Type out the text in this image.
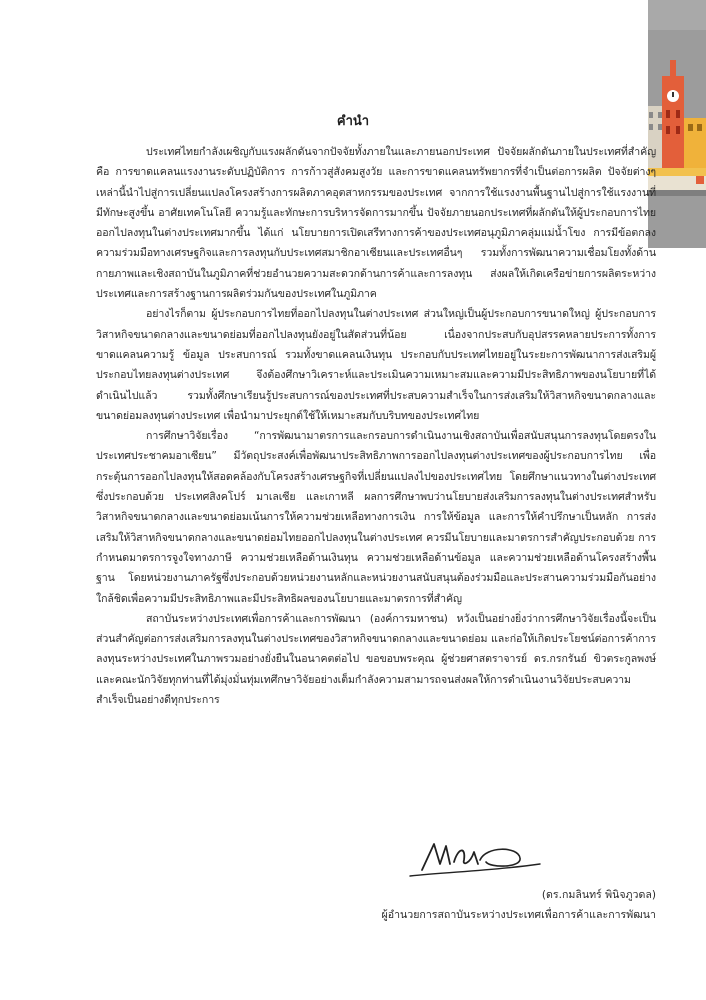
คำนำ

ประเทศไทยกำลังเผชิญกับแรงผลักดันจากปัจจัยทั้งภายในและภายนอกประเทศ ปัจจัยผลักดันภายในประเทศที่สำคัญ คือ การขาดแคลนแรงงานระดับปฏิบัติการ การก้าวสู่สังคมสูงวัย และการขาดแคลนทรัพยากรที่จำเป็นต่อการผลิต ปัจจัยต่างๆ เหล่านี้นำไปสู่การเปลี่ยนแปลงโครงสร้างการผลิตภาคอุตสาหกรรมของประเทศ จากการใช้แรงงานพื้นฐานไปสู่การใช้แรงงานที่มีทักษะสูงขึ้น อาศัยเทคโนโลยี ความรู้และทักษะการบริหารจัดการมากขึ้น ปัจจัยภายนอกประเทศที่ผลักดันให้ผู้ประกอบการไทยออกไปลงทุนในต่างประเทศมากขึ้น ได้แก่ นโยบายการเปิดเสรีทางการค้าของประเทศอนุภูมิภาคลุ่มแม่น้ำโขง การมีข้อตกลงความร่วมมือทางเศรษฐกิจและการลงทุนกับประเทศสมาชิกอาเซียนและประเทศอื่นๆ รวมทั้งการพัฒนาความเชื่อมโยงทั้งด้านกายภาพและเชิงสถาบันในภูมิภาคที่ช่วยอำนวยความสะดวกด้านการค้าและการลงทุน ส่งผลให้เกิดเครือข่ายการผลิตระหว่างประเทศและการสร้างฐานการผลิตร่วมกันของประเทศในภูมิภาค

อย่างไรก็ตาม ผู้ประกอบการไทยที่ออกไปลงทุนในต่างประเทศ ส่วนใหญ่เป็นผู้ประกอบการขนาดใหญ่ ผู้ประกอบการวิสาหกิจขนาดกลางและขนาดย่อมที่ออกไปลงทุนยังอยู่ในสัดส่วนที่น้อย เนื่องจากประสบกับอุปสรรคหลายประการทั้งการขาดแคลนความรู้ ข้อมูล ประสบการณ์ รวมทั้งขาดแคลนเงินทุน ประกอบกับประเทศไทยอยู่ในระยะการพัฒนาการส่งเสริมผู้ประกอบไทยลงทุนต่างประเทศ จึงต้องศึกษาวิเคราะห์และประเมินความเหมาะสมและความมีประสิทธิภาพของนโยบายที่ได้ดำเนินไปแล้ว รวมทั้งศึกษาเรียนรู้ประสบการณ์ของประเทศที่ประสบความสำเร็จในการส่งเสริมให้วิสาหกิจขนาดกลางและขนาดย่อมลงทุนต่างประเทศ เพื่อนำมาประยุกต์ใช้ให้เหมาะสมกับบริบทของประเทศไทย

การศึกษาวิจัยเรื่อง “การพัฒนามาตรการและกรอบการดำเนินงานเชิงสถาบันเพื่อสนับสนุนการลงทุนโดยตรงในประเทศประชาคมอาเซียน” มีวัตถุประสงค์เพื่อพัฒนาประสิทธิภาพการออกไปลงทุนต่างประเทศของผู้ประกอบการไทย เพื่อกระตุ้นการออกไปลงทุนให้สอดคล้องกับโครงสร้างเศรษฐกิจที่เปลี่ยนแปลงไปของประเทศไทย โดยศึกษาแนวทางในต่างประเทศ ซึ่งประกอบด้วย ประเทศสิงคโปร์ มาเลเซีย และเกาหลี ผลการศึกษาพบว่านโยบายส่งเสริมการลงทุนในต่างประเทศสำหรับวิสาหกิจขนาดกลางและขนาดย่อมเน้นการให้ความช่วยเหลือทางการเงิน การให้ข้อมูล และการให้คำปรึกษาเป็นหลัก การส่งเสริมให้วิสาหกิจขนาดกลางและขนาดย่อมไทยออกไปลงทุนในต่างประเทศ ควรมีนโยบายและมาตรการสำคัญประกอบด้วย การกำหนดมาตรการจูงใจทางภาษี ความช่วยเหลือด้านเงินทุน ความช่วยเหลือด้านข้อมูล และความช่วยเหลือด้านโครงสร้างพื้นฐาน โดยหน่วยงานภาครัฐซึ่งประกอบด้วยหน่วยงานหลักและหน่วยงานสนับสนุนต้องร่วมมือและประสานความร่วมมือกันอย่างใกล้ชิดเพื่อความมีประสิทธิภาพและมีประสิทธิผลของนโยบายและมาตรการที่สำคัญ

สถาบันระหว่างประเทศเพื่อการค้าและการพัฒนา (องค์การมหาชน) หวังเป็นอย่างยิ่งว่าการศึกษาวิจัยเรื่องนี้จะเป็นส่วนสำคัญต่อการส่งเสริมการลงทุนในต่างประเทศของวิสาหกิจขนาดกลางและขนาดย่อม และก่อให้เกิดประโยชน์ต่อการค้าการลงทุนระหว่างประเทศในภาพรวมอย่างยั่งยืนในอนาคตต่อไป ขอขอบพระคุณ ผู้ช่วยศาสตราจารย์ ดร.กรกรันย์ ขิวตระกูลพงษ์ และคณะนักวิจัยทุกท่านที่ได้มุ่งมั่นทุ่มเทศึกษาวิจัยอย่างเต็มกำลังความสามารถจนส่งผลให้การดำเนินงานวิจัยประสบความสำเร็จเป็นอย่างดีทุกประการ

(ดร.กมลินทร์ พินิจภูวดล)
ผู้อำนวยการสถาบันระหว่างประเทศเพื่อการค้าและการพัฒนา
